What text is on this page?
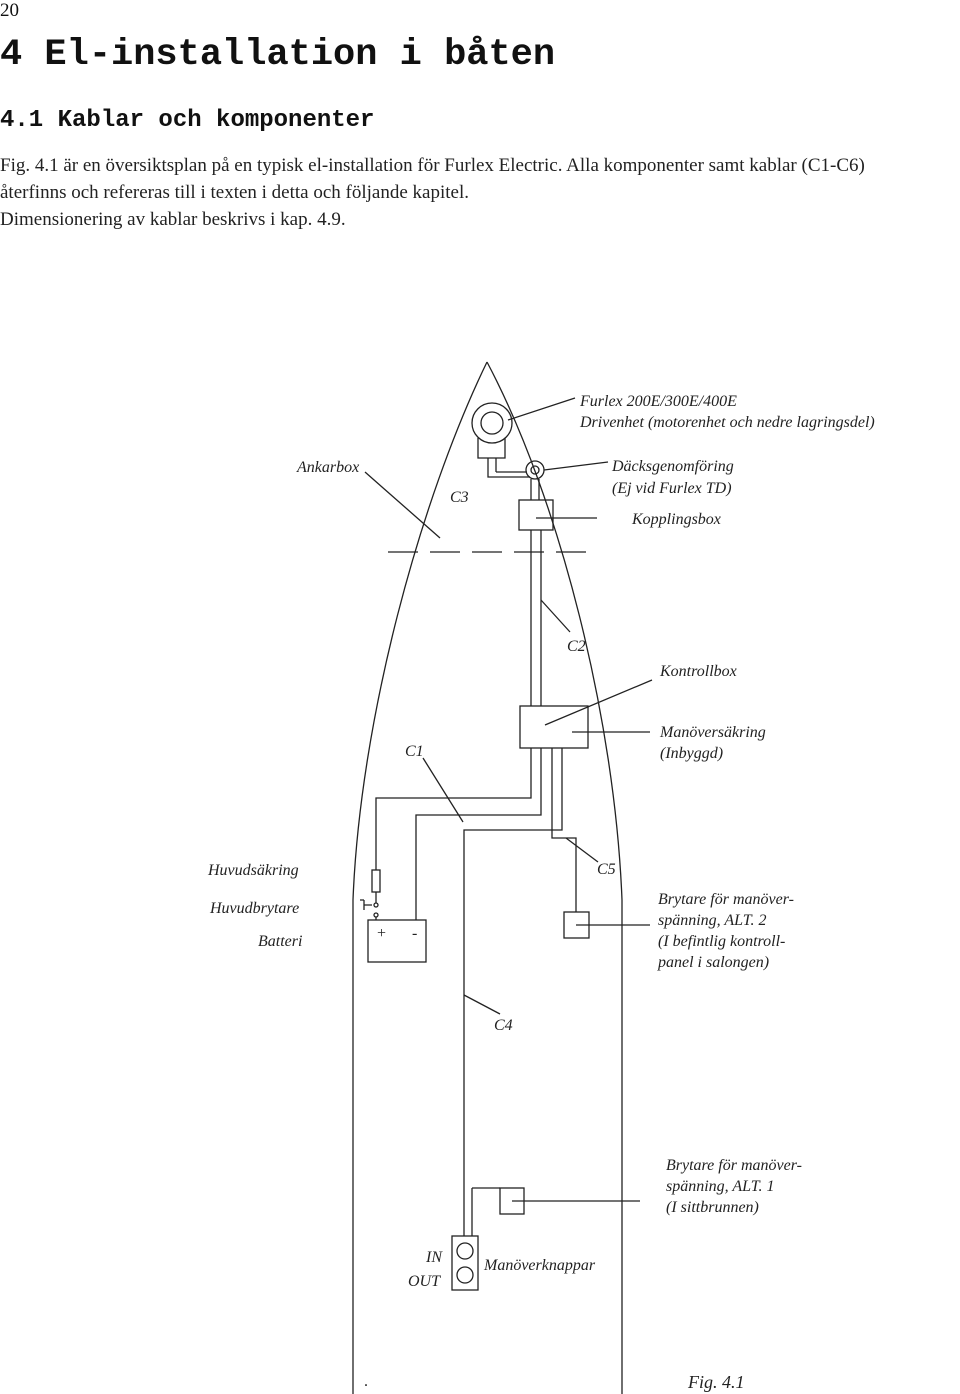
20
4 El-installation i båten
4.1 Kablar och komponenter
Fig. 4.1 är en översiktsplan på en typisk el-installation för Furlex Electric. Alla komponenter samt kablar (C1-C6)
återfinns och refereras till i texten i detta och följande kapitel.
Dimensionering av kablar beskrivs i kap. 4.9.
Furlex 200E/300E/400E
Drivenhet (motorenhet och nedre lagringsdel)
Ankarbox
C3
Däcksgenomföring
(Ej vid Furlex TD)
Kopplingsbox
C2
Kontrollbox
C1
Manöversäkring
(Inbyggd)
Huvudsäkring
Huvudbrytare
Batteri	+ -
C5
Brytare för manöver-
spänning, ALT. 2
(I befintlig kontroll-
panel i salongen)
C4
Brytare för manöver-
spänning, ALT. 1
(I sittbrunnen)
IN
OUT
Manöverknappar
.	Fig. 4.1
